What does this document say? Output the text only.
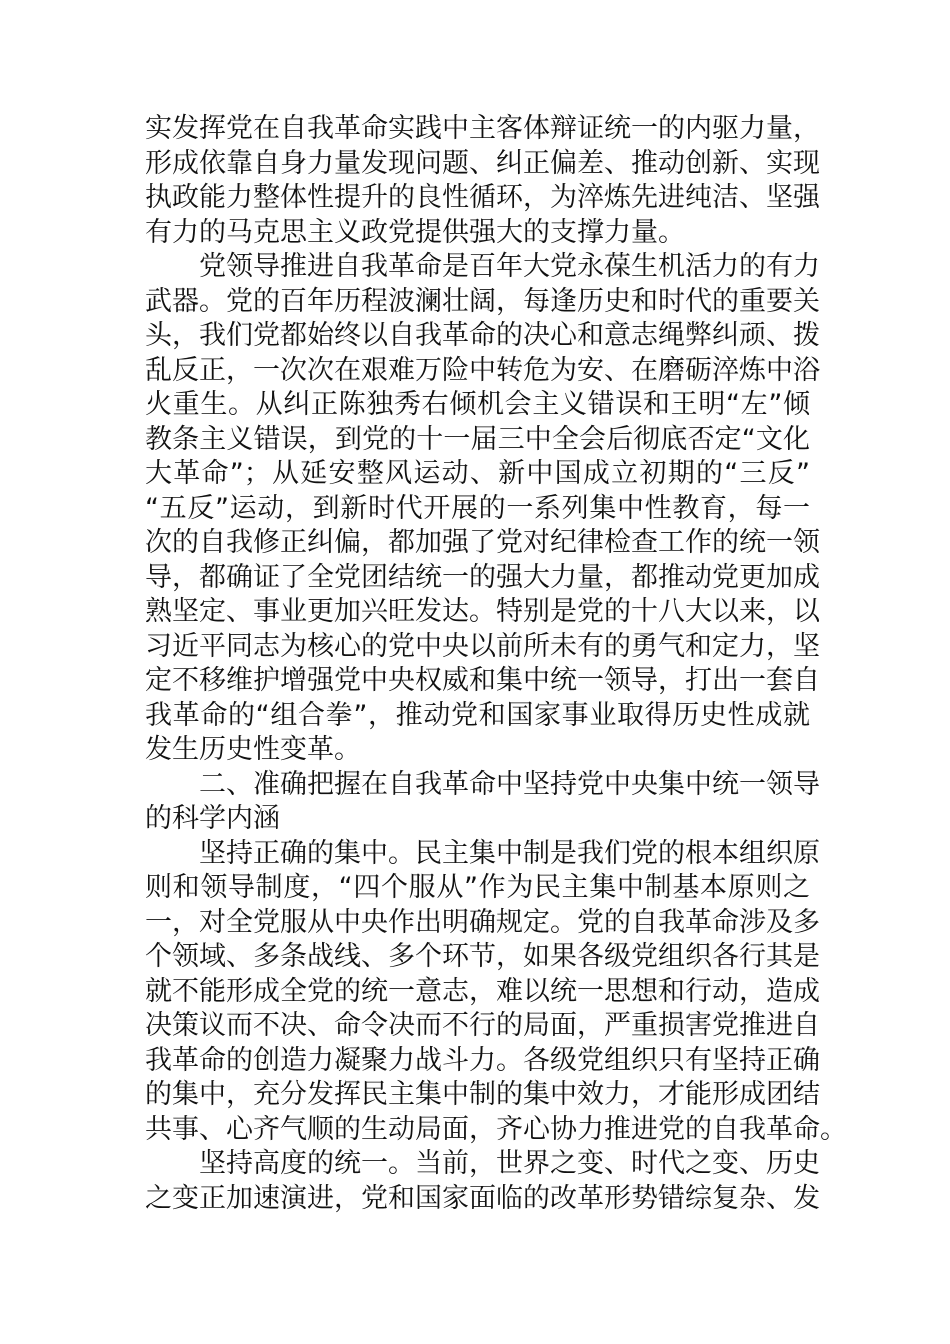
实发挥党在自我革命实践中主客体辩证统一的内驱力量，
形成依靠自身力量发现问题、纠正偏差、推动创新、实现
执政能力整体性提升的良性循环，为淬炼先进纯洁、坚强
有力的马克思主义政党提供强大的支撑力量。
党领导推进自我革命是百年大党永葆生机活力的有力
武器。党的百年历程波澜壮阔，每逢历史和时代的重要关
头，我们党都始终以自我革命的决心和意志绳弊纠顽、拨
乱反正，一次次在艰难万险中转危为安、在磨砺淬炼中浴
火重生。从纠正陈独秀右倾机会主义错误和王明“左”倾
教条主义错误，到党的十一届三中全会后彻底否定“文化
大革命”；从延安整风运动、新中国成立初期的“三反”
“五反”运动，到新时代开展的一系列集中性教育，每一
次的自我修正纠偏，都加强了党对纪律检查工作的统一领
导，都确证了全党团结统一的强大力量，都推动党更加成
熟坚定、事业更加兴旺发达。特别是党的十八大以来，以
习近平同志为核心的党中央以前所未有的勇气和定力，坚
定不移维护增强党中央权威和集中统一领导，打出一套自
我革命的“组合拳”，推动党和国家事业取得历史性成就
发生历史性变革。
二、准确把握在自我革命中坚持党中央集中统一领导
的科学内涵
坚持正确的集中。民主集中制是我们党的根本组织原
则和领导制度，“四个服从”作为民主集中制基本原则之
一，对全党服从中央作出明确规定。党的自我革命涉及多
个领域、多条战线、多个环节，如果各级党组织各行其是
就不能形成全党的统一意志，难以统一思想和行动，造成
决策议而不决、命令决而不行的局面，严重损害党推进自
我革命的创造力凝聚力战斗力。各级党组织只有坚持正确
的集中，充分发挥民主集中制的集中效力，才能形成团结
共事、心齐气顺的生动局面，齐心协力推进党的自我革命。
坚持高度的统一。当前，世界之变、时代之变、历史
之变正加速演进，党和国家面临的改革形势错综复杂、发
